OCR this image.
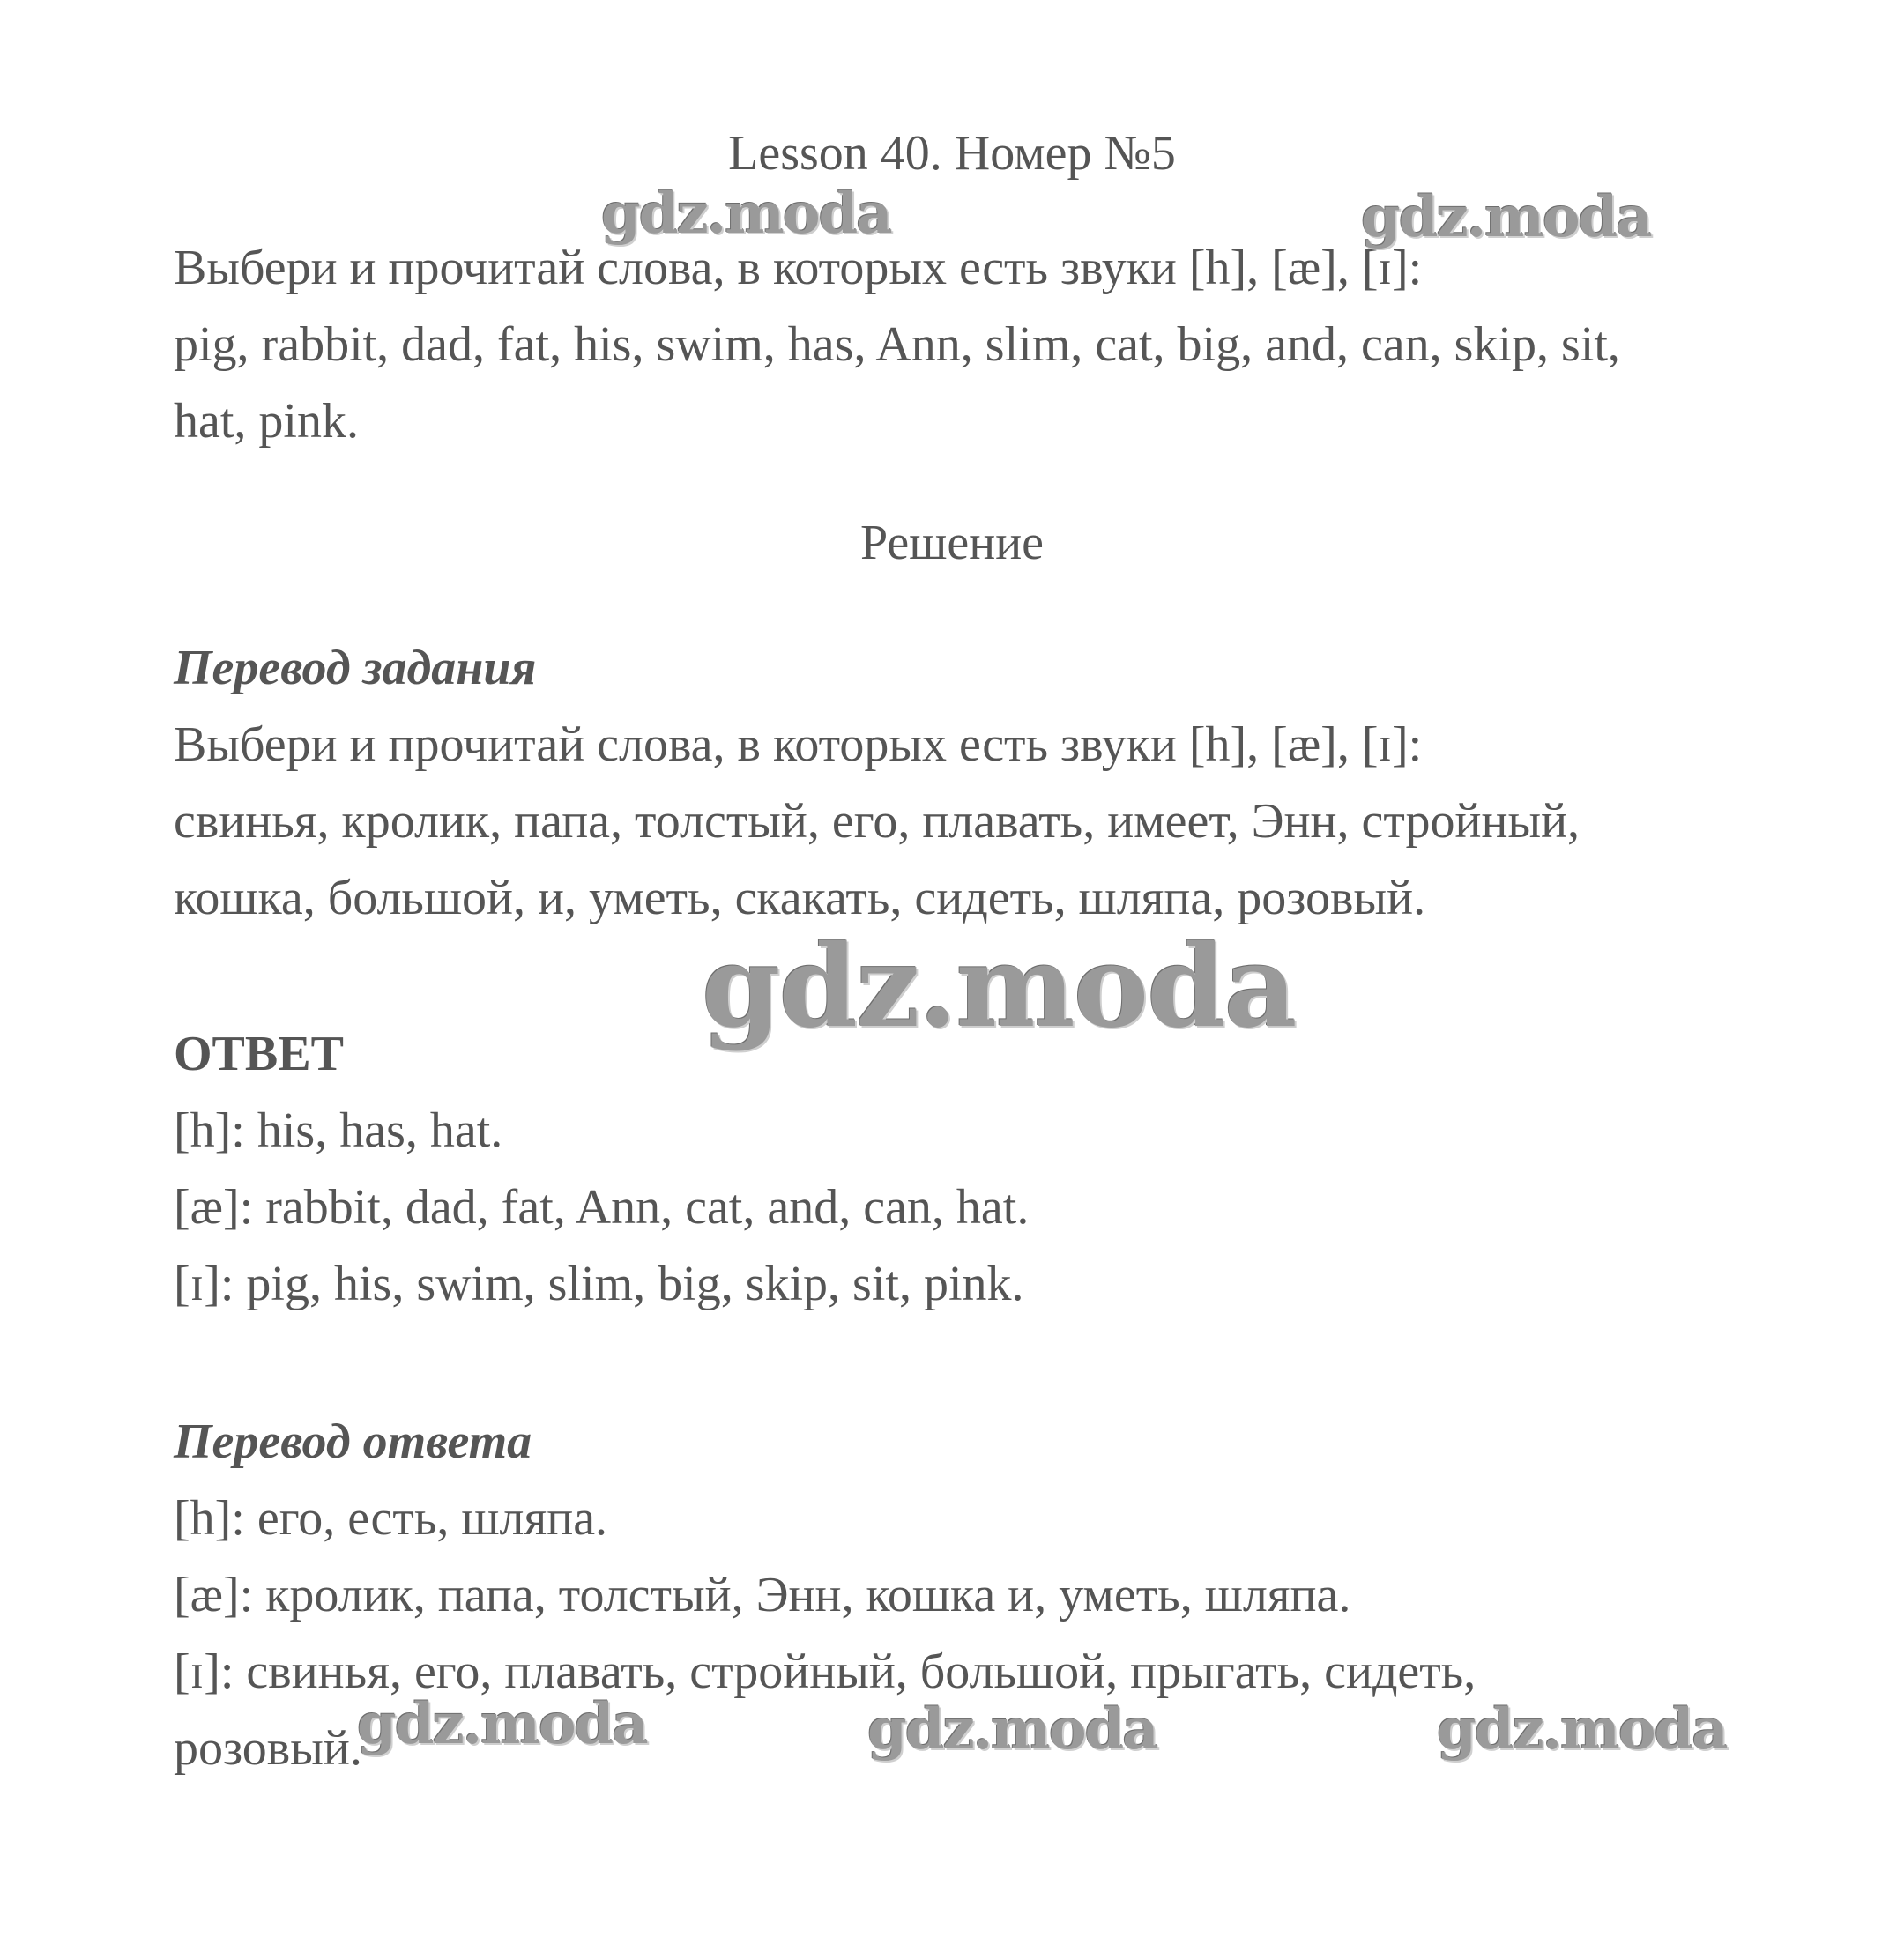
Lesson 40. Номер №5
Выбери и прочитай слова, в которых есть звуки [h], [æ], [ɪ]:
pig, rabbit, dad, fat, his, swim, has, Ann, slim, cat, big, and, can, skip, sit,
hat, pink.
Решение
Перевод задания
Выбери и прочитай слова, в которых есть звуки [h], [æ], [ɪ]:
свинья, кролик, папа, толстый, его, плавать, имеет, Энн, стройный,
кошка, большой, и, уметь, скакать, сидеть, шляпа, розовый.
ОТВЕТ
[h]: his, has, hat.
[æ]: rabbit, dad, fat, Ann, cat, and, can, hat.
[ɪ]: pig, his, swim, slim, big, skip, sit, pink.
Перевод ответа
[h]: его, есть, шляпа.
[æ]: кролик, папа, толстый, Энн, кошка и, уметь, шляпа.
[ɪ]: свинья, его, плавать, стройный, большой, прыгать, сидеть,
розовый.
gdz.moda	gdz.moda
gdz.moda
gdz.moda	gdz.moda	gdz.moda
